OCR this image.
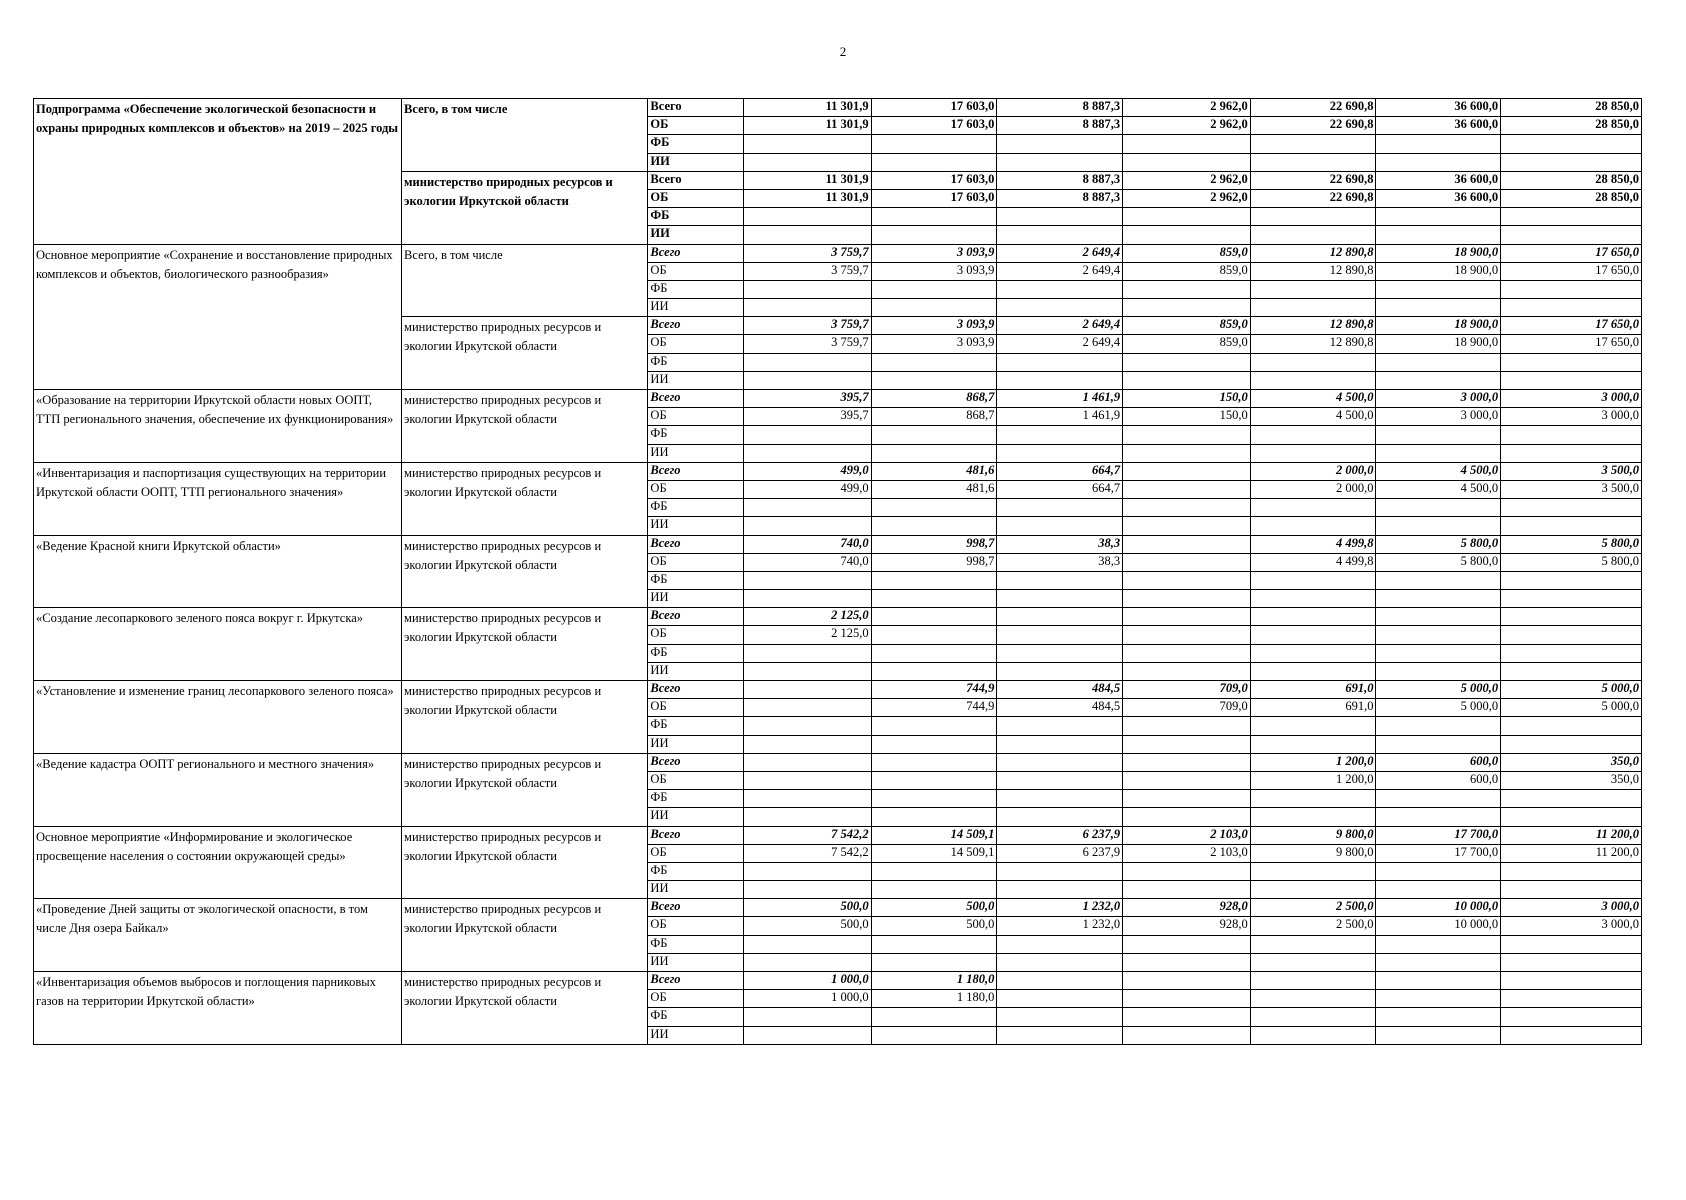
2
Подпрограмма «Обеспечение экологической безопасности и охраны природных комплексов и объектов» на 2019 – 2025 годы	Всего, в том числе	Всего	11 301,9	17 603,0	8 887,3	2 962,0	22 690,8	36 600,0	28 850,0
		ОБ	11 301,9	17 603,0	8 887,3	2 962,0	22 690,8	36 600,0	28 850,0
		ФБ							
		ИИ							
	министерство природных ресурсов и экологии Иркутской области	Всего	11 301,9	17 603,0	8 887,3	2 962,0	22 690,8	36 600,0	28 850,0
		ОБ	11 301,9	17 603,0	8 887,3	2 962,0	22 690,8	36 600,0	28 850,0
		ФБ							
		ИИ							
Основное мероприятие «Сохранение и восстановление природных комплексов и объектов, биологического разнообразия»	Всего, в том числе	Всего	3 759,7	3 093,9	2 649,4	859,0	12 890,8	18 900,0	17 650,0
		ОБ	3 759,7	3 093,9	2 649,4	859,0	12 890,8	18 900,0	17 650,0
		ФБ							
		ИИ							
	министерство природных ресурсов и экологии Иркутской области	Всего	3 759,7	3 093,9	2 649,4	859,0	12 890,8	18 900,0	17 650,0
		ОБ	3 759,7	3 093,9	2 649,4	859,0	12 890,8	18 900,0	17 650,0
		ФБ							
		ИИ							
«Образование на территории Иркутской области новых ООПТ, ТТП регионального значения, обеспечение их функционирования»	министерство природных ресурсов и экологии Иркутской области	Всего	395,7	868,7	1 461,9	150,0	4 500,0	3 000,0	3 000,0
		ОБ	395,7	868,7	1 461,9	150,0	4 500,0	3 000,0	3 000,0
		ФБ							
		ИИ							
«Инвентаризация и паспортизация существующих на территории Иркутской области ООПТ, ТТП регионального значения»	министерство природных ресурсов и экологии Иркутской области	Всего	499,0	481,6	664,7		2 000,0	4 500,0	3 500,0
		ОБ	499,0	481,6	664,7		2 000,0	4 500,0	3 500,0
		ФБ							
		ИИ							
«Ведение Красной книги Иркутской области»	министерство природных ресурсов и экологии Иркутской области	Всего	740,0	998,7	38,3		4 499,8	5 800,0	5 800,0
		ОБ	740,0	998,7	38,3		4 499,8	5 800,0	5 800,0
		ФБ							
		ИИ							
«Создание лесопаркового зеленого пояса вокруг г. Иркутска»	министерство природных ресурсов и экологии Иркутской области	Всего	2 125,0						
		ОБ	2 125,0						
		ФБ							
		ИИ							
«Установление и изменение границ лесопаркового зеленого пояса»	министерство природных ресурсов и экологии Иркутской области	Всего		744,9	484,5	709,0	691,0	5 000,0	5 000,0
		ОБ		744,9	484,5	709,0	691,0	5 000,0	5 000,0
		ФБ							
		ИИ							
«Ведение кадастра ООПТ регионального и местного значения»	министерство природных ресурсов и экологии Иркутской области	Всего					1 200,0	600,0	350,0
		ОБ					1 200,0	600,0	350,0
		ФБ							
		ИИ							
Основное мероприятие «Информирование и экологическое просвещение населения о состоянии окружающей среды»	министерство природных ресурсов и экологии Иркутской области	Всего	7 542,2	14 509,1	6 237,9	2 103,0	9 800,0	17 700,0	11 200,0
		ОБ	7 542,2	14 509,1	6 237,9	2 103,0	9 800,0	17 700,0	11 200,0
		ФБ							
		ИИ							
«Проведение Дней защиты от экологической опасности, в том числе Дня озера Байкал»	министерство природных ресурсов и экологии Иркутской области	Всего	500,0	500,0	1 232,0	928,0	2 500,0	10 000,0	3 000,0
		ОБ	500,0	500,0	1 232,0	928,0	2 500,0	10 000,0	3 000,0
		ФБ							
		ИИ							
«Инвентаризация объемов выбросов и поглощения парниковых газов на территории Иркутской области»	министерство природных ресурсов и экологии Иркутской области	Всего	1 000,0	1 180,0					
		ОБ	1 000,0	1 180,0					
		ФБ							
		ИИ							
